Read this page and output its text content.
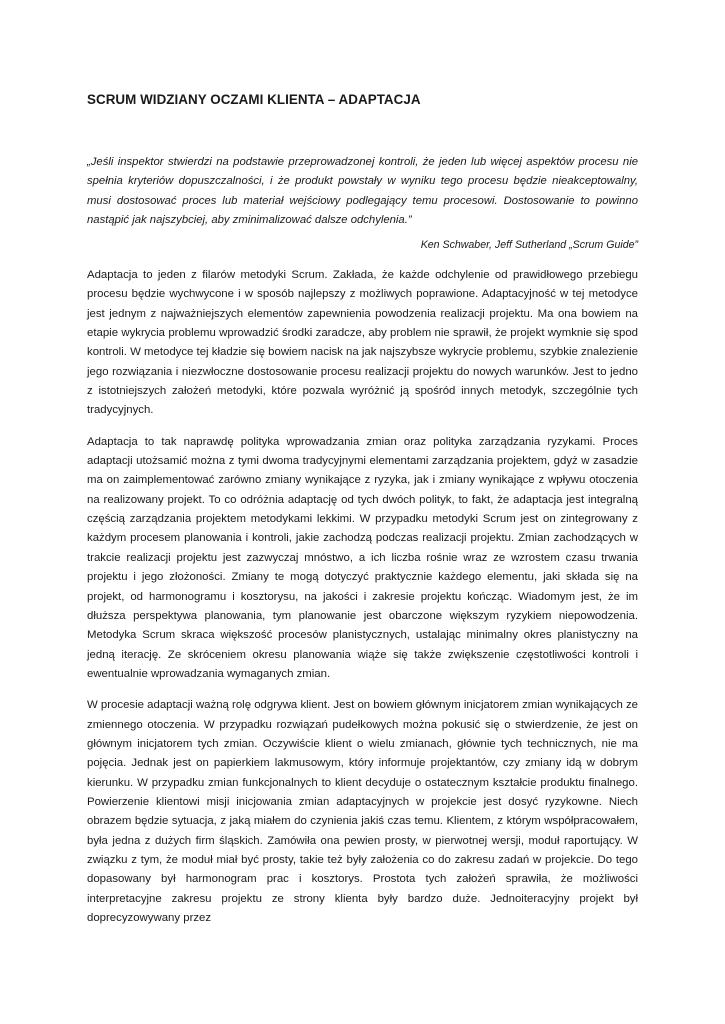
SCRUM WIDZIANY OCZAMI KLIENTA – ADAPTACJA

„Jeśli inspektor stwierdzi na podstawie przeprowadzonej kontroli, że jeden lub więcej aspektów procesu nie spełnia kryteriów dopuszczalności, i że produkt powstały w wyniku tego procesu będzie nieakceptowalny, musi dostosować proces lub materiał wejściowy podlegający temu procesowi. Dostosowanie to powinno nastąpić jak najszybciej, aby zminimalizować dalsze odchylenia.”

Ken Schwaber, Jeff Sutherland „Scrum Guide”

Adaptacja to jeden z filarów metodyki Scrum. Zakłada, że każde odchylenie od prawidłowego przebiegu procesu będzie wychwycone i w sposób najlepszy z możliwych poprawione. Adaptacyjność w tej metodyce jest jednym z najważniejszych elementów zapewnienia powodzenia realizacji projektu. Ma ona bowiem na etapie wykrycia problemu wprowadzić środki zaradcze, aby problem nie sprawił, że projekt wymknie się spod kontroli. W metodyce tej kładzie się bowiem nacisk na jak najszybsze wykrycie problemu, szybkie znalezienie jego rozwiązania i niezwłoczne dostosowanie procesu realizacji projektu do nowych warunków. Jest to jedno z istotniejszych założeń metodyki, które pozwala wyróżnić ją spośród innych metodyk, szczególnie tych tradycyjnych.

Adaptacja to tak naprawdę polityka wprowadzania zmian oraz polityka zarządzania ryzykami. Proces adaptacji utożsamić można z tymi dwoma tradycyjnymi elementami zarządzania projektem, gdyż w zasadzie ma on zaimplementować zarówno zmiany wynikające z ryzyka, jak i zmiany wynikające z wpływu otoczenia na realizowany projekt. To co odróżnia adaptację od tych dwóch polityk, to fakt, że adaptacja jest integralną częścią zarządzania projektem metodykami lekkimi. W przypadku metodyki Scrum jest on zintegrowany z każdym procesem planowania i kontroli, jakie zachodzą podczas realizacji projektu. Zmian zachodzących w trakcie realizacji projektu jest zazwyczaj mnóstwo, a ich liczba rośnie wraz ze wzrostem czasu trwania projektu i jego złożoności. Zmiany te mogą dotyczyć praktycznie każdego elementu, jaki składa się na projekt, od harmonogramu i kosztorysu, na jakości i zakresie projektu kończąc. Wiadomym jest, że im dłuższa perspektywa planowania, tym planowanie jest obarczone większym ryzykiem niepowodzenia. Metodyka Scrum skraca większość procesów planistycznych, ustalając minimalny okres planistyczny na jedną iterację. Ze skróceniem okresu planowania wiąże się także zwiększenie częstotliwości kontroli i ewentualnie wprowadzania wymaganych zmian.

W procesie adaptacji ważną rolę odgrywa klient. Jest on bowiem głównym inicjatorem zmian wynikających ze zmiennego otoczenia. W przypadku rozwiązań pudełkowych można pokusić się o stwierdzenie, że jest on głównym inicjatorem tych zmian. Oczywiście klient o wielu zmianach, głównie tych technicznych, nie ma pojęcia. Jednak jest on papierkiem lakmusowym, który informuje projektantów, czy zmiany idą w dobrym kierunku. W przypadku zmian funkcjonalnych to klient decyduje o ostatecznym kształcie produktu finalnego. Powierzenie klientowi misji inicjowania zmian adaptacyjnych w projekcie jest dosyć ryzykowne. Niech obrazem będzie sytuacja, z jaką miałem do czynienia jakiś czas temu. Klientem, z którym współpracowałem, była jedna z dużych firm śląskich. Zamówiła ona pewien prosty, w pierwotnej wersji, moduł raportujący. W związku z tym, że moduł miał być prosty, takie też były założenia co do zakresu zadań w projekcie. Do tego dopasowany był harmonogram prac i kosztorys. Prostota tych założeń sprawiła, że możliwości interpretacyjne zakresu projektu ze strony klienta były bardzo duże. Jednoiteracyjny projekt był doprecyzowywany przez
